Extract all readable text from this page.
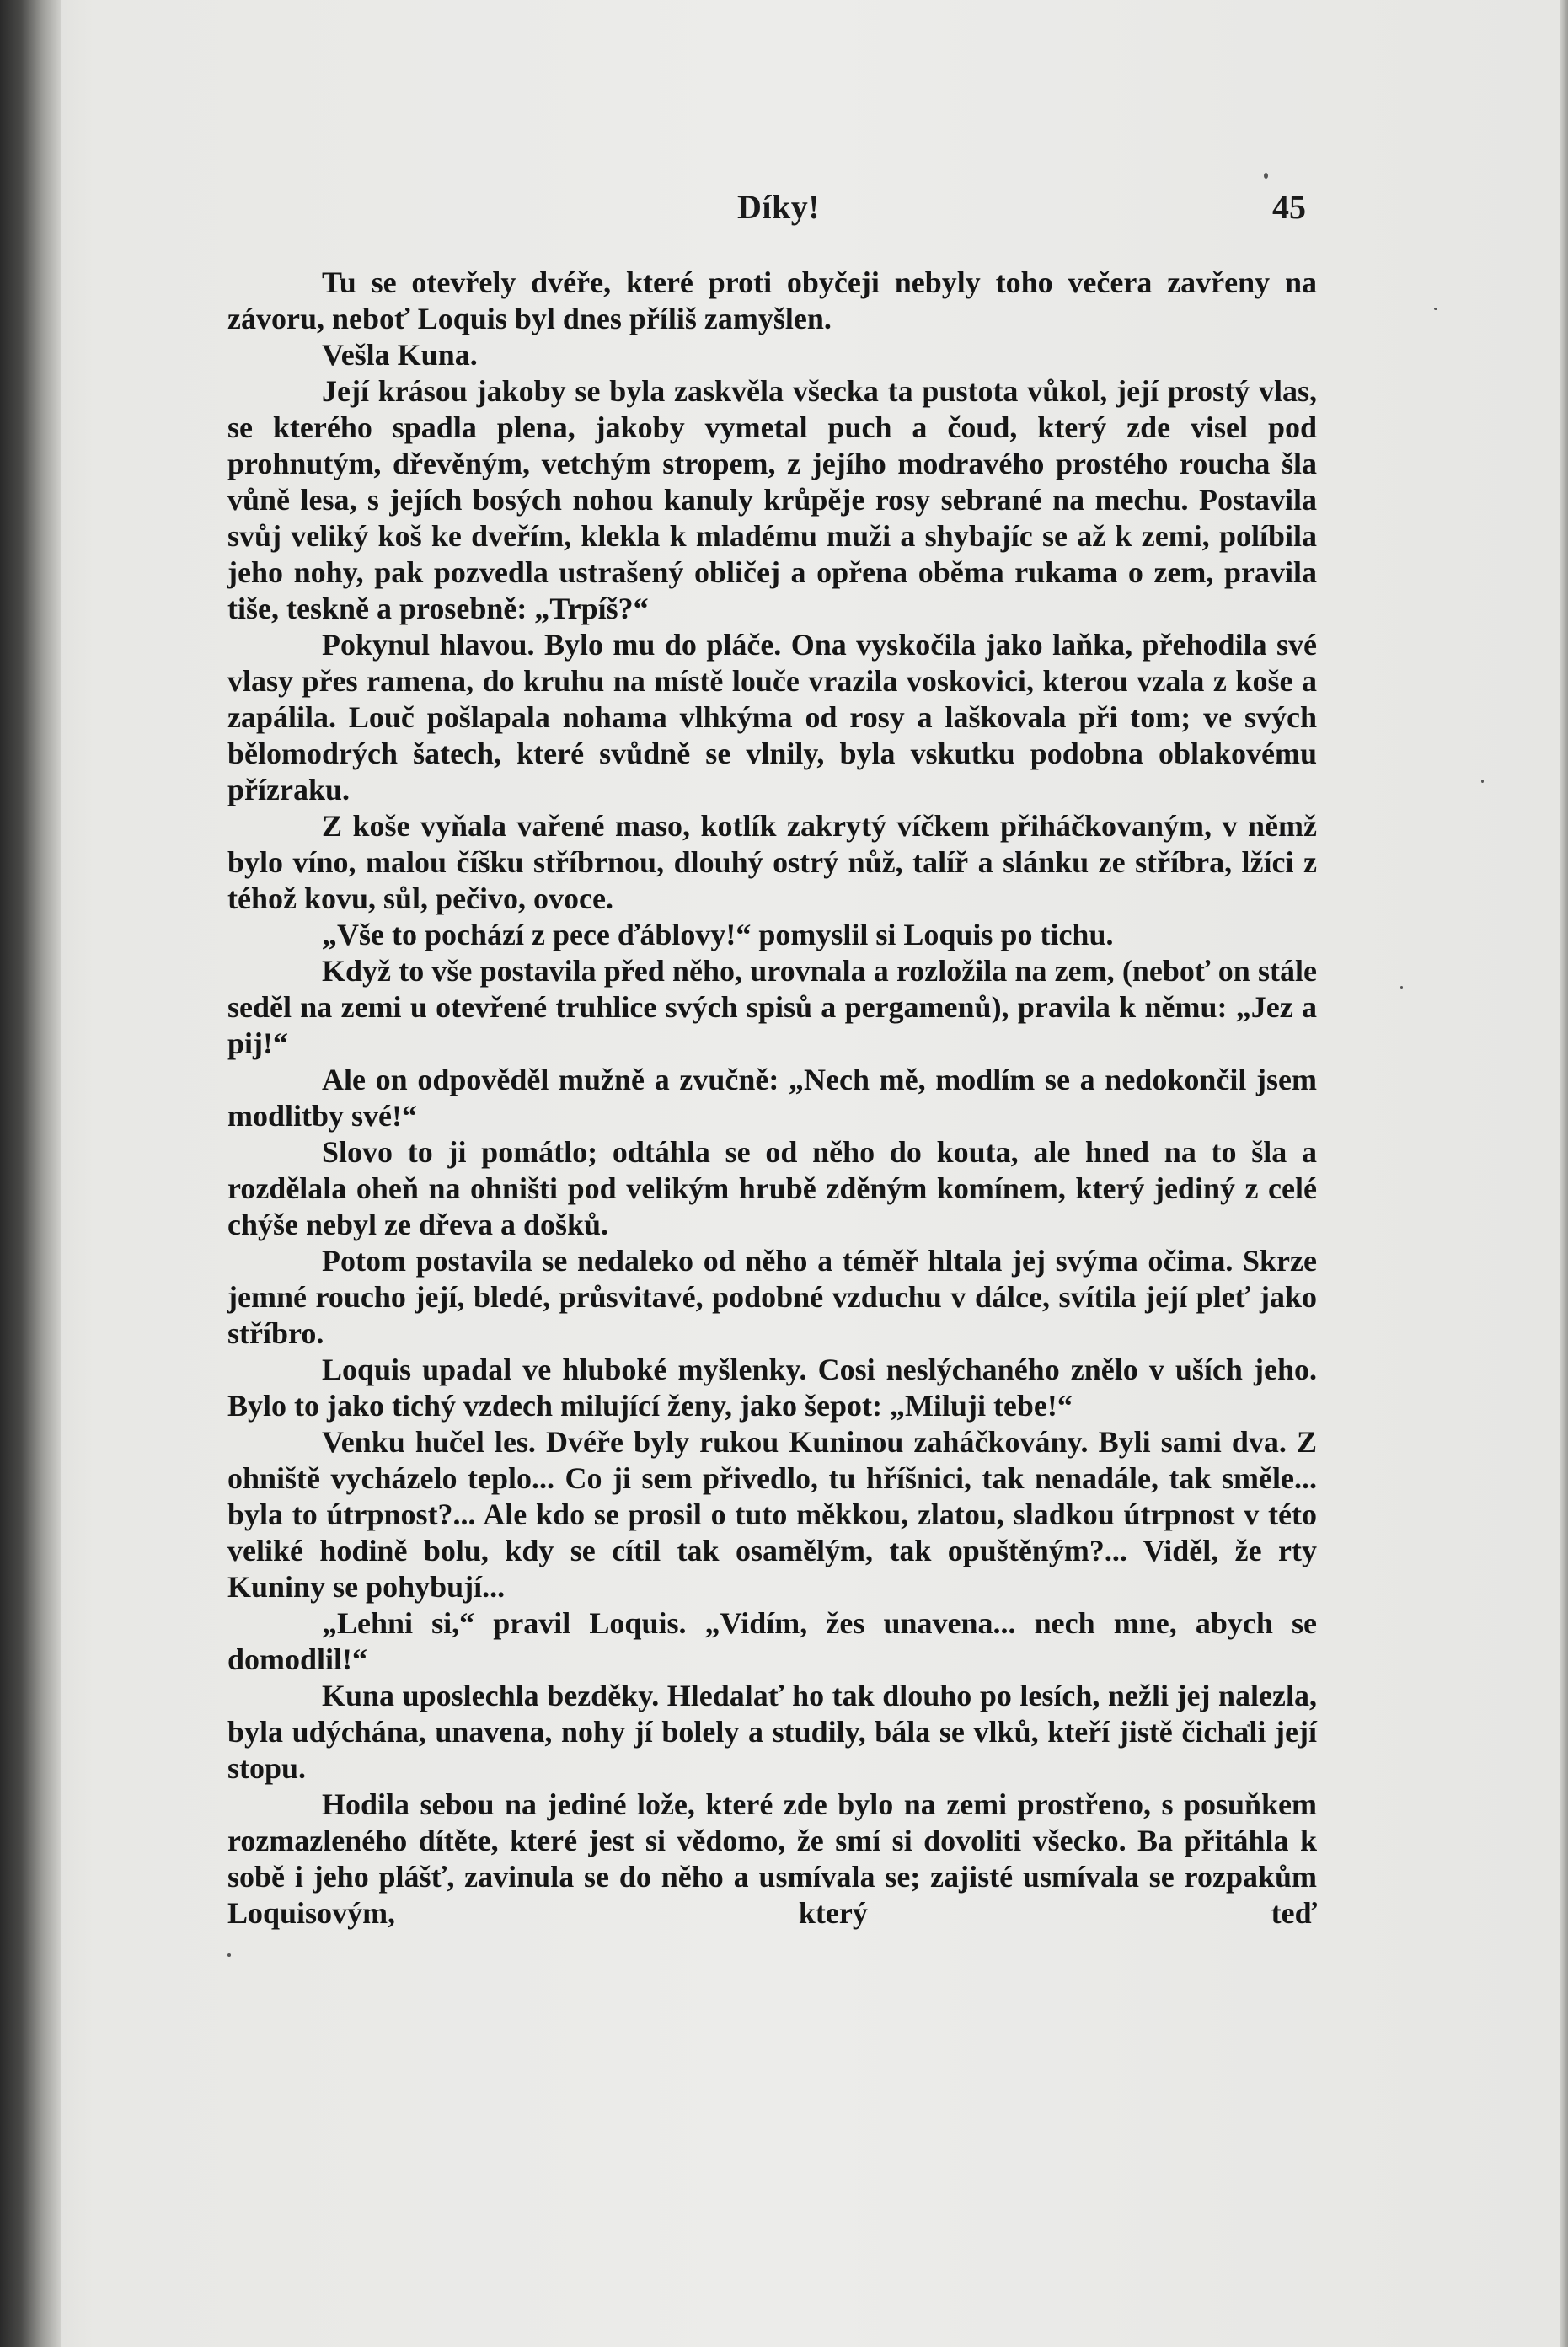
Díky!	45

Tu se otevřely dvéře, které proti obyčeji nebyly toho večera zavřeny na závoru, neboť Loquis byl dnes příliš zamyšlen.

Vešla Kuna.

Její krásou jakoby se byla zaskvěla všecka ta pustota vůkol, její prostý vlas, se kterého spadla plena, jakoby vymetal puch a čoud, který zde visel pod prohnutým, dřevěným, vetchým stropem, z jejího modravého prostého roucha šla vůně lesa, s jejích bosých nohou kanuly krůpěje rosy sebrané na mechu. Postavila svůj veliký koš ke dveřím, klekla k mladému muži a shybajíc se až k zemi, políbila jeho nohy, pak pozvedla ustrašený obličej a opřena oběma rukama o zem, pravila tiše, teskně a prosebně: „Trpíš?“

Pokynul hlavou. Bylo mu do pláče. Ona vyskočila jako laňka, přehodila své vlasy přes ramena, do kruhu na místě louče vrazila voskovici, kterou vzala z koše a zapálila. Louč pošlapala nohama vlhkýma od rosy a laškovala při tom; ve svých bělomodrých šatech, které svůdně se vlnily, byla vskutku podobna oblakovému přízraku.

Z koše vyňala vařené maso, kotlík zakrytý víčkem přiháčkovaným, v němž bylo víno, malou číšku stříbrnou, dlouhý ostrý nůž, talíř a slánku ze stříbra, lžíci z téhož kovu, sůl, pečivo, ovoce.

„Vše to pochází z pece ďáblovy!“ pomyslil si Loquis po tichu.

Když to vše postavila před něho, urovnala a rozložila na zem, (neboť on stále seděl na zemi u otevřené truhlice svých spisů a pergamenů), pravila k němu: „Jez a pij!“

Ale on odpověděl mužně a zvučně: „Nech mě, modlím se a nedokončil jsem modlitby své!“

Slovo to ji pomátlo; odtáhla se od něho do kouta, ale hned na to šla a rozdělala oheň na ohništi pod velikým hrubě zděným komínem, který jediný z celé chýše nebyl ze dřeva a došků.

Potom postavila se nedaleko od něho a téměř hltala jej svýma očima. Skrze jemné roucho její, bledé, průsvitavé, podobné vzduchu v dálce, svítila její pleť jako stříbro.

Loquis upadal ve hluboké myšlenky. Cosi neslýchaného znělo v uších jeho. Bylo to jako tichý vzdech milující ženy, jako šepot: „Miluji tebe!“

Venku hučel les. Dvéře byly rukou Kuninou zaháčkovány. Byli sami dva. Z ohniště vycházelo teplo... Co ji sem přivedlo, tu hříšnici, tak nenadále, tak směle... byla to útrpnost?... Ale kdo se prosil o tuto měkkou, zlatou, sladkou útrpnost v této veliké hodině bolu, kdy se cítil tak osamělým, tak opuštěným?... Viděl, že rty Kuniny se pohybují...

„Lehni si,“ pravil Loquis. „Vidím, žes unavena... nech mne, abych se domodlil!“

Kuna uposlechla bezděky. Hledalať ho tak dlouho po lesích, nežli jej nalezla, byla udýchána, unavena, nohy jí bolely a studily, bála se vlků, kteří jistě čichali její stopu.

Hodila sebou na jediné lože, které zde bylo na zemi prostřeno, s posuňkem rozmazleného dítěte, které jest si vědomo, že smí si dovoliti všecko. Ba přitáhla k sobě i jeho plášť, zavinula se do něho a usmívala se; zajisté usmívala se rozpakům Loquisovým, který teď
